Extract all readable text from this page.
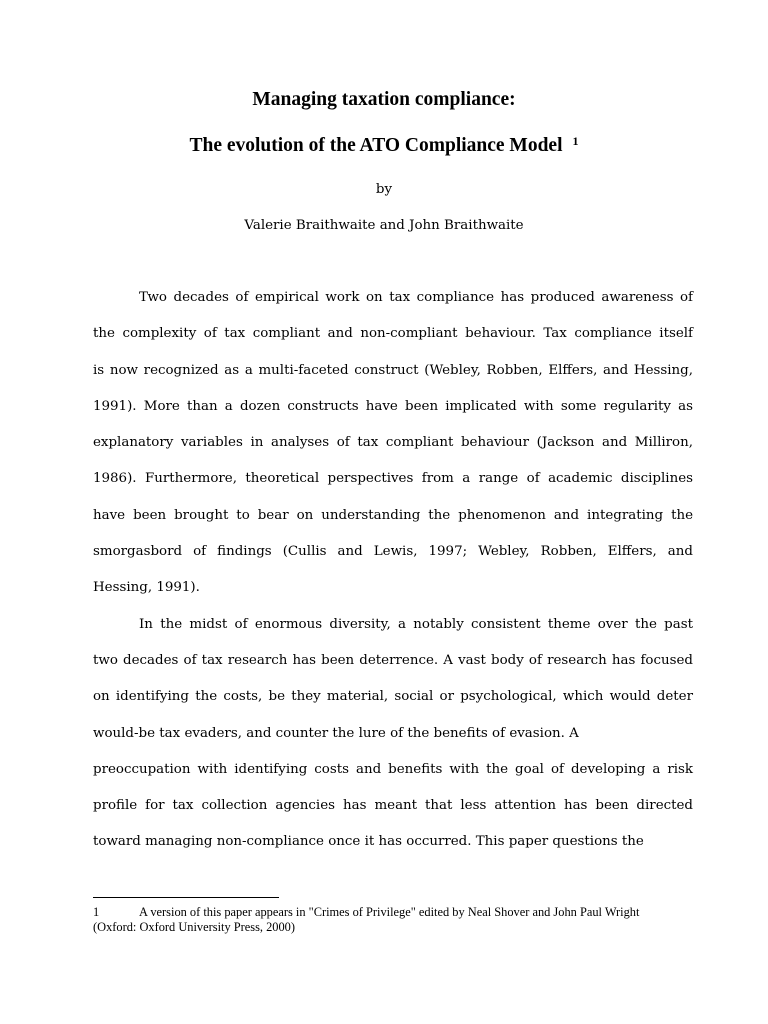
Managing taxation compliance:
The evolution of the ATO Compliance Model $^1$
by
Valerie Braithwaite and John Braithwaite
Two decades of empirical work on tax compliance has produced awareness of
the complexity of tax compliant and non-compliant behaviour. Tax compliance itself
is now recognized as a multi-faceted construct (Webley, Robben, Elffers, and Hessing,
1991). More than a dozen constructs have been implicated with some regularity as
explanatory variables in analyses of tax compliant behaviour (Jackson and Milliron,
1986). Furthermore, theoretical perspectives from a range of academic disciplines
have been brought to bear on understanding the phenomenon and integrating the
smorgasbord of findings (Cullis and Lewis, 1997; Webley, Robben, Elffers, and
Hessing, 1991).
In the midst of enormous diversity, a notably consistent theme over the past
two decades of tax research has been deterrence. A vast body of research has focused
on identifying the costs, be they material, social or psychological, which would deter
would-be tax evaders, and counter the lure of the benefits of evasion. A
preoccupation with identifying costs and benefits with the goal of developing a risk
profile for tax collection agencies has meant that less attention has been directed
toward managing non-compliance once it has occurred. This paper questions the
1	A version of this paper appears in "Crimes of Privilege" edited by Neal Shover and John Paul Wright
(Oxford: Oxford University Press, 2000)
